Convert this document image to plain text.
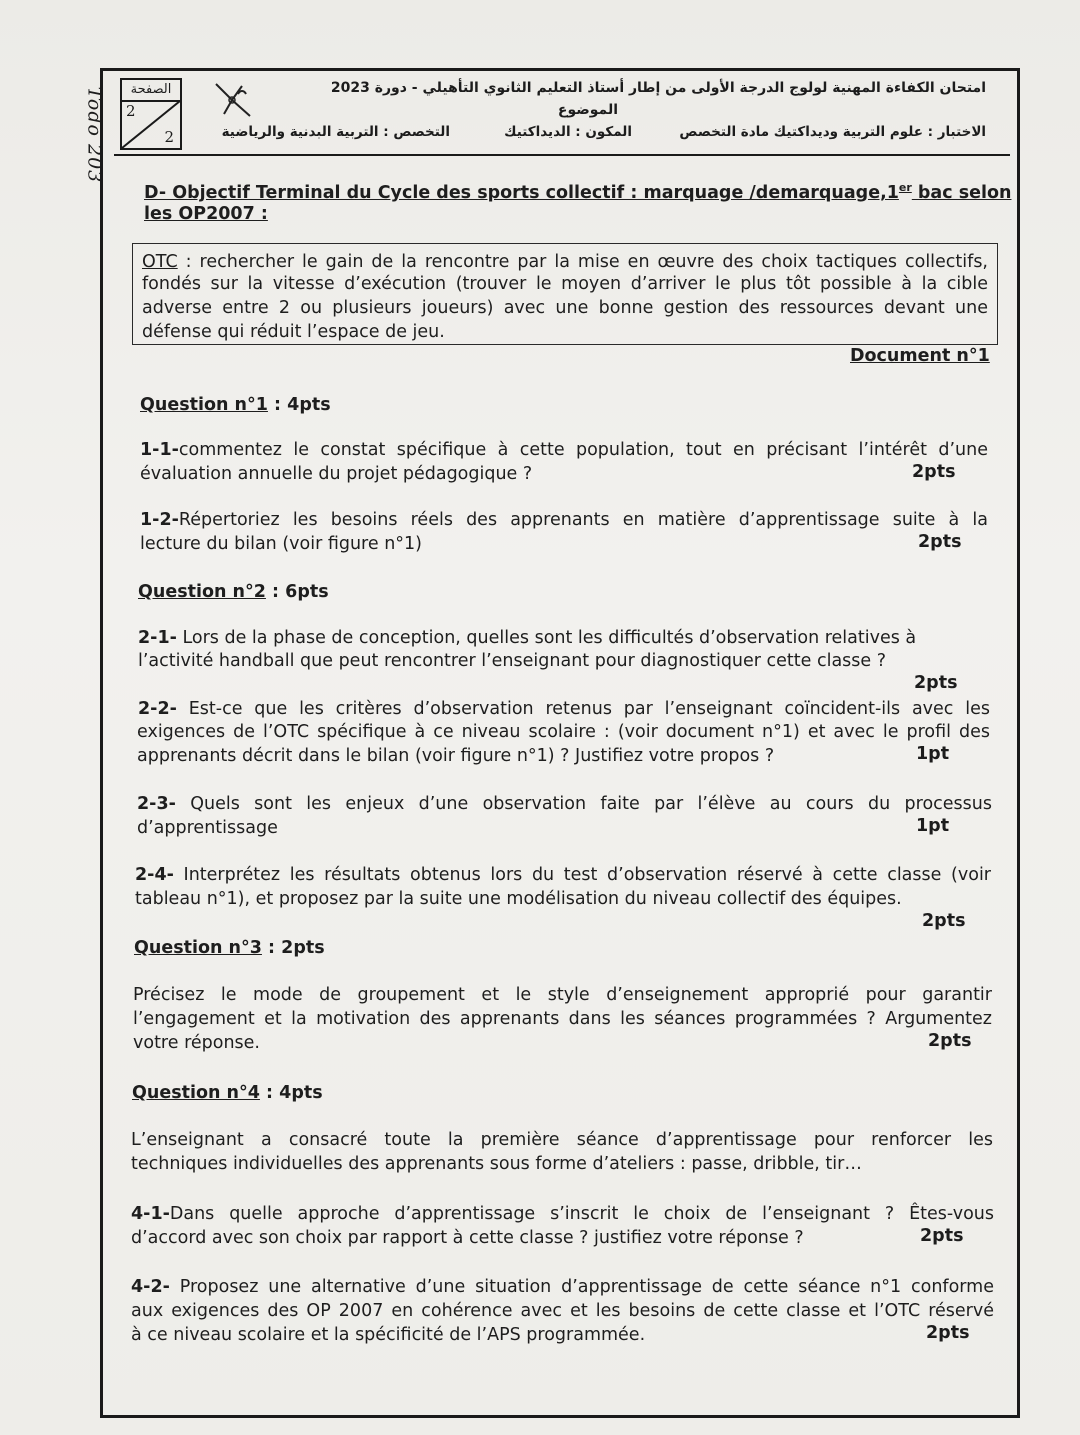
Todo 203	الصفحة
2
2
امتحان الكفاءة المهنية لولوج الدرجة الأولى من إطار أستاذ التعليم الثانوي التأهيلي - دورة 2023
الموضوع
الاختبار : علوم التربية وديداكتيك مادة التخصص
المكون : الديداكتيك
التخصص : التربية البدنية والرياضية
D- Objectif Terminal du Cycle des sports collectif : marquage /demarquage,1er bac selon
les OP2007 :
OTC : rechercher le gain de la rencontre par la mise en œuvre des choix tactiques collectifs,
fondés sur la vitesse d’exécution (trouver le moyen d’arriver le plus tôt possible à la cible
adverse entre 2 ou plusieurs joueurs) avec une bonne gestion des ressources devant une
défense qui réduit l’espace de jeu.
Document n°1
Question n°1 : 4pts
1-1-commentez le constat spécifique à cette population, tout en précisant l’intérêt d’une
évaluation annuelle du projet pédagogique ?	2pts
1-2-Répertoriez les besoins réels des apprenants en matière d’apprentissage suite à la
lecture du bilan (voir figure n°1)	2pts
Question n°2 : 6pts
2-1- Lors de la phase de conception, quelles sont les difficultés d’observation relatives à
l’activité handball que peut rencontrer l’enseignant pour diagnostiquer cette classe ?
2pts
2-2- Est-ce que les critères d’observation retenus par l’enseignant coïncident-ils avec les
exigences de l’OTC spécifique à ce niveau scolaire : (voir document n°1) et avec le profil des
apprenants décrit dans le bilan (voir figure n°1) ? Justifiez votre propos ?	1pt
2-3- Quels sont les enjeux d’une observation faite par l’élève au cours du processus
d’apprentissage	1pt
2-4- Interprétez les résultats obtenus lors du test d’observation réservé à cette classe (voir
tableau n°1), et proposez par la suite une modélisation du niveau collectif des équipes.
2pts
Question n°3 : 2pts
Précisez le mode de groupement et le style d’enseignement approprié pour garantir
l’engagement et la motivation des apprenants dans les séances programmées ? Argumentez
votre réponse.	2pts
Question n°4 : 4pts
L’enseignant a consacré toute la première séance d’apprentissage pour renforcer les
techniques individuelles des apprenants sous forme d’ateliers : passe, dribble, tir…
4-1-Dans quelle approche d’apprentissage s’inscrit le choix de l’enseignant ? Êtes-vous
d’accord avec son choix par rapport à cette classe ? justifiez votre réponse ?	2pts
4-2- Proposez une alternative d’une situation d’apprentissage de cette séance n°1 conforme
aux exigences des OP 2007 en cohérence avec et les besoins de cette classe et l’OTC réservé
à ce niveau scolaire et la spécificité de l’APS programmée.	2pts
